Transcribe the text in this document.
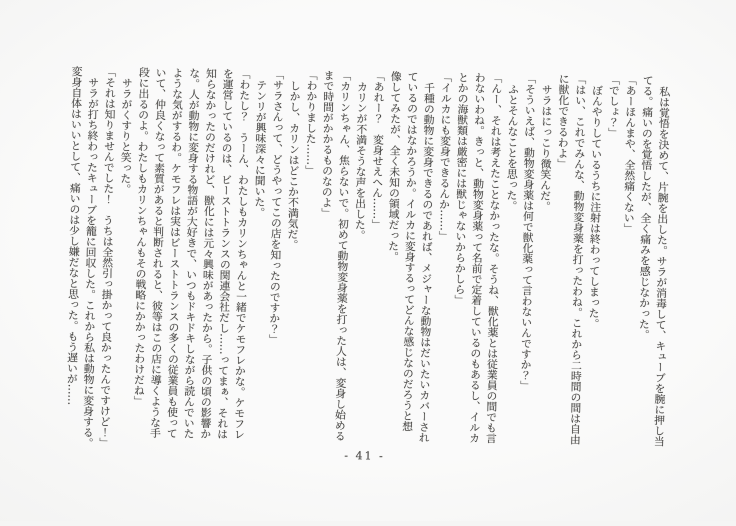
私は覚悟を決めて、片腕を出した。サラが消毒して、キューブを腕に押し当
てる。痛いのを覚悟したが、全く痛みを感じなかった。
「あーほんまや、全然痛くない」
「でしょ？」
ぼんやりしているうちに注射は終わってしまった。
「はい、これでみんな、動物変身薬を打ったわね。これから二時間の間は自由
に獣化できるわよ」
サラはにっこり微笑んだ。
「そういえば、動物変身薬は何で獣化薬って言わないんですか？」
ふとそんなことを思った。
「んー、それは考えたことなかったな。そうね、獣化薬とは従業員の間でも言
わないわね。きっと、動物変身薬って名前で定着しているのもあるし、イルカ
とかの海獣類は厳密には獣じゃないからかしら」
「イルカにも変身できるんか……」
千種の動物に変身できるのであれば、メジャーな動物はだいたいカバーされ
ているのではなかろうか。イルカに変身するってどんな感じなのだろうと想
像してみたが、全く未知の領域だった。
「あれー？　変身せえへん……」
カリンが不満そうな声を出した。
「カリンちゃん、焦らないで。初めて動物変身薬を打った人は、変身し始める
まで時間がかかるものなのよ」
「わかりました……」
しかし、カリンはどこか不満気だ。
「サラさんって、どうやってこの店を知ったのですか？」
テンリが興味深々に聞いた。
「わたし？　うーん、わたしもカリンちゃんと一緒でケモフレかな。ケモフレ
を運営しているのは、ビーストトランスの関連会社だし……ってまぁ、それは
知らなかったのだけれど、獣化には元々興味があったから。子供の頃の影響か
な。人が動物に変身する物語が大好きで、いつもドキドキしながら読んでいた
ような気がするわ。ケモフレは実はビーストトランスの多くの従業員も使って
いて、仲良くなって素質があると判断されると、彼等はこの店に導くような手
段に出るのよ。わたしもカリンちゃんもその戦略にかかったわけだね」
サラがくすりと笑った。
「それは知りませんでした！　うちは全然引っ掛かって良かったんですけど！」
サラが打ち終わったキューブを籠に回収した。これから私は動物に変身する。
変身自体はいいとして、痛いのは少し嫌だなと思った。もう遅いが……
- 41 -
